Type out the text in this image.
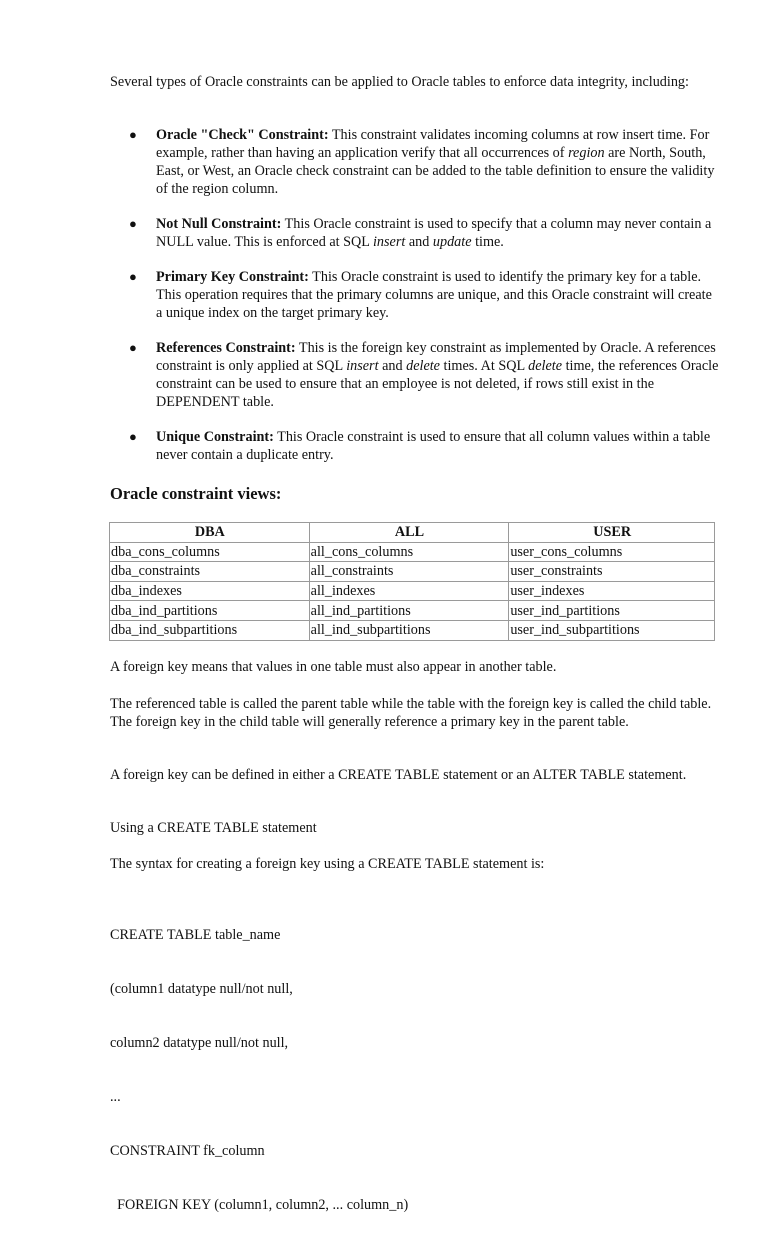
Several types of Oracle constraints can be applied to Oracle tables to enforce data integrity, including:

● Oracle "Check" Constraint: This constraint validates incoming columns at row insert time. For example, rather than having an application verify that all occurrences of region are North, South, East, or West, an Oracle check constraint can be added to the table definition to ensure the validity of the region column.
● Not Null Constraint: This Oracle constraint is used to specify that a column may never contain a NULL value. This is enforced at SQL insert and update time.
● Primary Key Constraint: This Oracle constraint is used to identify the primary key for a table. This operation requires that the primary columns are unique, and this Oracle constraint will create a unique index on the target primary key.
● References Constraint: This is the foreign key constraint as implemented by Oracle. A references constraint is only applied at SQL insert and delete times. At SQL delete time, the references Oracle constraint can be used to ensure that an employee is not deleted, if rows still exist in the DEPENDENT table.
● Unique Constraint: This Oracle constraint is used to ensure that all column values within a table never contain a duplicate entry.
Oracle constraint views:
DBA	ALL	USER
dba_cons_columns	all_cons_columns	user_cons_columns
dba_constraints	all_constraints	user_constraints
dba_indexes	all_indexes	user_indexes
dba_ind_partitions	all_ind_partitions	user_ind_partitions
dba_ind_subpartitions	all_ind_subpartitions	user_ind_subpartitions

A foreign key means that values in one table must also appear in another table.

The referenced table is called the parent table while the table with the foreign key is called the child table. The foreign key in the child table will generally reference a primary key in the parent table.

A foreign key can be defined in either a CREATE TABLE statement or an ALTER TABLE statement.

Using a CREATE TABLE statement

The syntax for creating a foreign key using a CREATE TABLE statement is:

CREATE TABLE table_name

(column1 datatype null/not null,

column2 datatype null/not null,

...

CONSTRAINT fk_column

FOREIGN KEY (column1, column2, ... column_n)
